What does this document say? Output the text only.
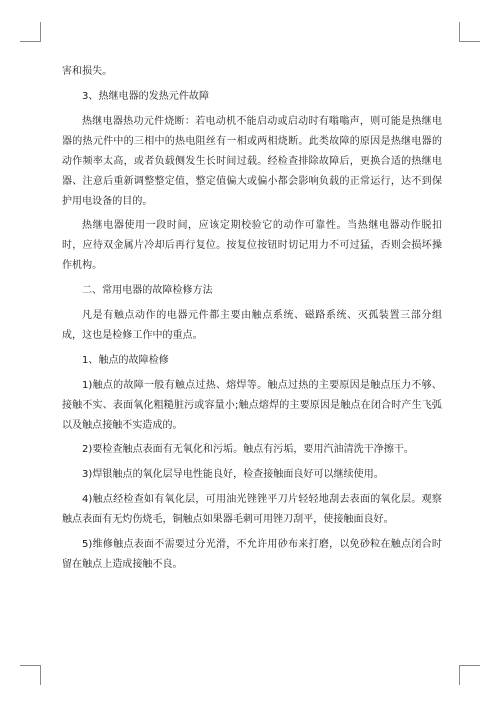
害和损失。

3、热继电器的发热元件故障

热继电器热功元件烧断：若电动机不能启动或启动时有嗡嗡声，则可能是热继电器的热元件中的三相中的热电阻丝有一相或两相烧断。此类故障的原因是热继电器的动作频率太高，或者负载侧发生长时间过载。经检查排除故障后，更换合适的热继电器、注意后重新调整整定值，整定值偏大或偏小都会影响负载的正常运行，达不到保护用电设备的目的。

热继电器使用一段时间，应该定期校验它的动作可靠性。当热继电器动作脱扣时，应待双金属片冷却后再行复位。按复位按钮时切记用力不可过猛，否则会损坏操作机构。

二、常用电器的故障检修方法

凡是有触点动作的电器元件都主要由触点系统、磁路系统、灭孤装置三部分组成，这也是检修工作中的重点。

1、触点的故障检修

1)触点的故障一般有触点过热、熔焊等。触点过热的主要原因是触点压力不够、接触不实、表面氧化粗糙脏污或容量小;触点熔焊的主要原因是触点在闭合时产生飞弧以及触点接触不实造成的。

2)要检查触点表面有无氧化和污垢。触点有污垢，要用汽油清洗干净擦干。

3)焊银触点的氧化层导电性能良好，检查接触面良好可以继续使用。

4)触点经检查如有氧化层，可用油光锉锉平刀片轻轻地刮去表面的氧化层。观察触点表面有无灼伤烧毛，铜触点如果器毛刺可用锉刀刮平，使接触面良好。

5)维修触点表面不需要过分光滑，不允许用砂布来打磨，以免砂粒在触点闭合时留在触点上造成接触不良。
